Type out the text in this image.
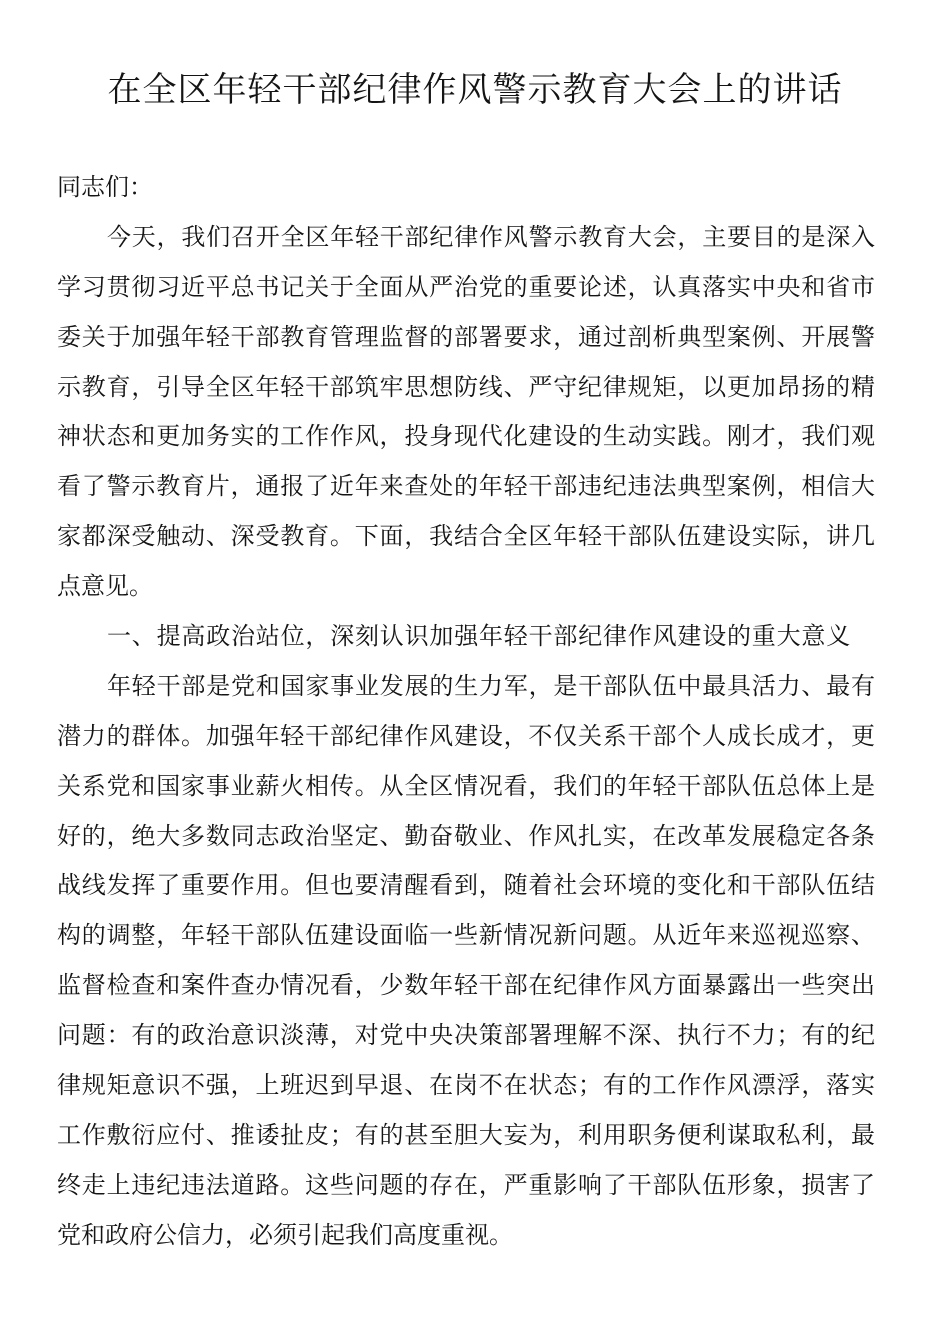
在全区年轻干部纪律作风警示教育大会上的讲话
同志们：
今天，我们召开全区年轻干部纪律作风警示教育大会，主要目的是深入
学习贯彻习近平总书记关于全面从严治党的重要论述，认真落实中央和省市
委关于加强年轻干部教育管理监督的部署要求，通过剖析典型案例、开展警
示教育，引导全区年轻干部筑牢思想防线、严守纪律规矩，以更加昂扬的精
神状态和更加务实的工作作风，投身现代化建设的生动实践。刚才，我们观
看了警示教育片，通报了近年来查处的年轻干部违纪违法典型案例，相信大
家都深受触动、深受教育。下面，我结合全区年轻干部队伍建设实际，讲几
点意见。
一、提高政治站位，深刻认识加强年轻干部纪律作风建设的重大意义
年轻干部是党和国家事业发展的生力军，是干部队伍中最具活力、最有
潜力的群体。加强年轻干部纪律作风建设，不仅关系干部个人成长成才，更
关系党和国家事业薪火相传。从全区情况看，我们的年轻干部队伍总体上是
好的，绝大多数同志政治坚定、勤奋敬业、作风扎实，在改革发展稳定各条
战线发挥了重要作用。但也要清醒看到，随着社会环境的变化和干部队伍结
构的调整，年轻干部队伍建设面临一些新情况新问题。从近年来巡视巡察、
监督检查和案件查办情况看，少数年轻干部在纪律作风方面暴露出一些突出
问题：有的政治意识淡薄，对党中央决策部署理解不深、执行不力；有的纪
律规矩意识不强，上班迟到早退、在岗不在状态；有的工作作风漂浮，落实
工作敷衍应付、推诿扯皮；有的甚至胆大妄为，利用职务便利谋取私利，最
终走上违纪违法道路。这些问题的存在，严重影响了干部队伍形象，损害了
党和政府公信力，必须引起我们高度重视。
